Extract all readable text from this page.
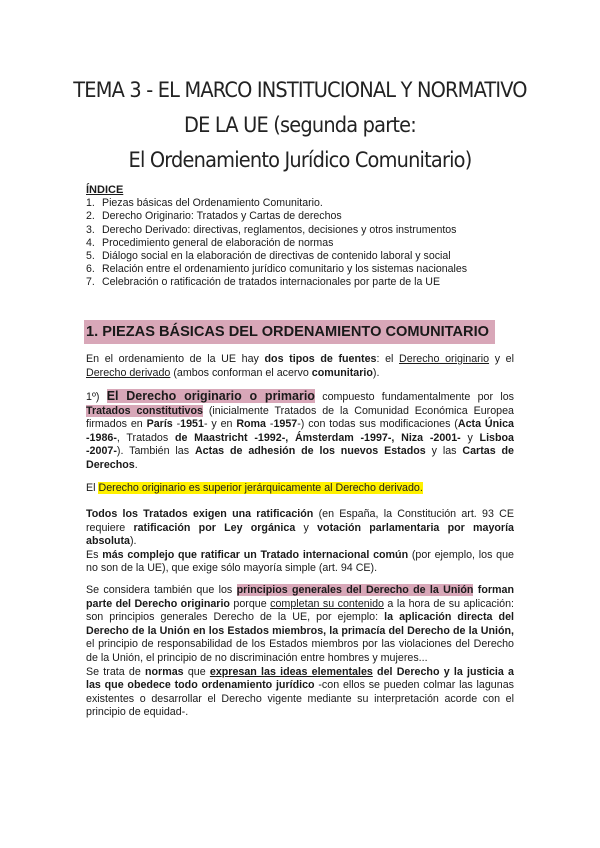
TEMA 3 - EL MARCO INSTITUCIONAL Y NORMATIVO
DE LA UE (segunda parte:
El Ordenamiento Jurídico Comunitario)
ÍNDICE
1. Piezas básicas del Ordenamiento Comunitario.
2. Derecho Originario: Tratados y Cartas de derechos
3. Derecho Derivado: directivas, reglamentos, decisiones y otros instrumentos
4. Procedimiento general de elaboración de normas
5. Diálogo social en la elaboración de directivas de contenido laboral y social
6. Relación entre el ordenamiento jurídico comunitario y los sistemas nacionales
7. Celebración o ratificación de tratados internacionales por parte de la UE
1. PIEZAS BÁSICAS DEL ORDENAMIENTO COMUNITARIO

En el ordenamiento de la UE hay dos tipos de fuentes: el Derecho originario y el Derecho derivado (ambos conforman el acervo comunitario).

1º) El Derecho originario o primario compuesto fundamentalmente por los Tratados constitutivos (inicialmente Tratados de la Comunidad Económica Europea firmados en París -1951- y en Roma -1957-) con todas sus modificaciones (Acta Única -1986-, Tratados de Maastricht -1992-, Ámsterdam -1997-, Niza -2001- y Lisboa -2007-). También las Actas de adhesión de los nuevos Estados y las Cartas de Derechos.

El Derecho originario es superior jerárquicamente al Derecho derivado.

Todos los Tratados exigen una ratificación (en España, la Constitución art. 93 CE requiere ratificación por Ley orgánica y votación parlamentaria por mayoría absoluta).

Es más complejo que ratificar un Tratado internacional común (por ejemplo, los que no son de la UE), que exige sólo mayoría simple (art. 94 CE).

Se considera también que los principios generales del Derecho de la Unión forman parte del Derecho originario porque completan su contenido a la hora de su aplicación: son principios generales Derecho de la UE, por ejemplo: la aplicación directa del Derecho de la Unión en los Estados miembros, la primacía del Derecho de la Unión, el principio de responsabilidad de los Estados miembros por las violaciones del Derecho de la Unión, el principio de no discriminación entre hombres y mujeres...

Se trata de normas que expresan las ideas elementales del Derecho y la justicia a las que obedece todo ordenamiento jurídico -con ellos se pueden colmar las lagunas existentes o desarrollar el Derecho vigente mediante su interpretación acorde con el principio de equidad-.
